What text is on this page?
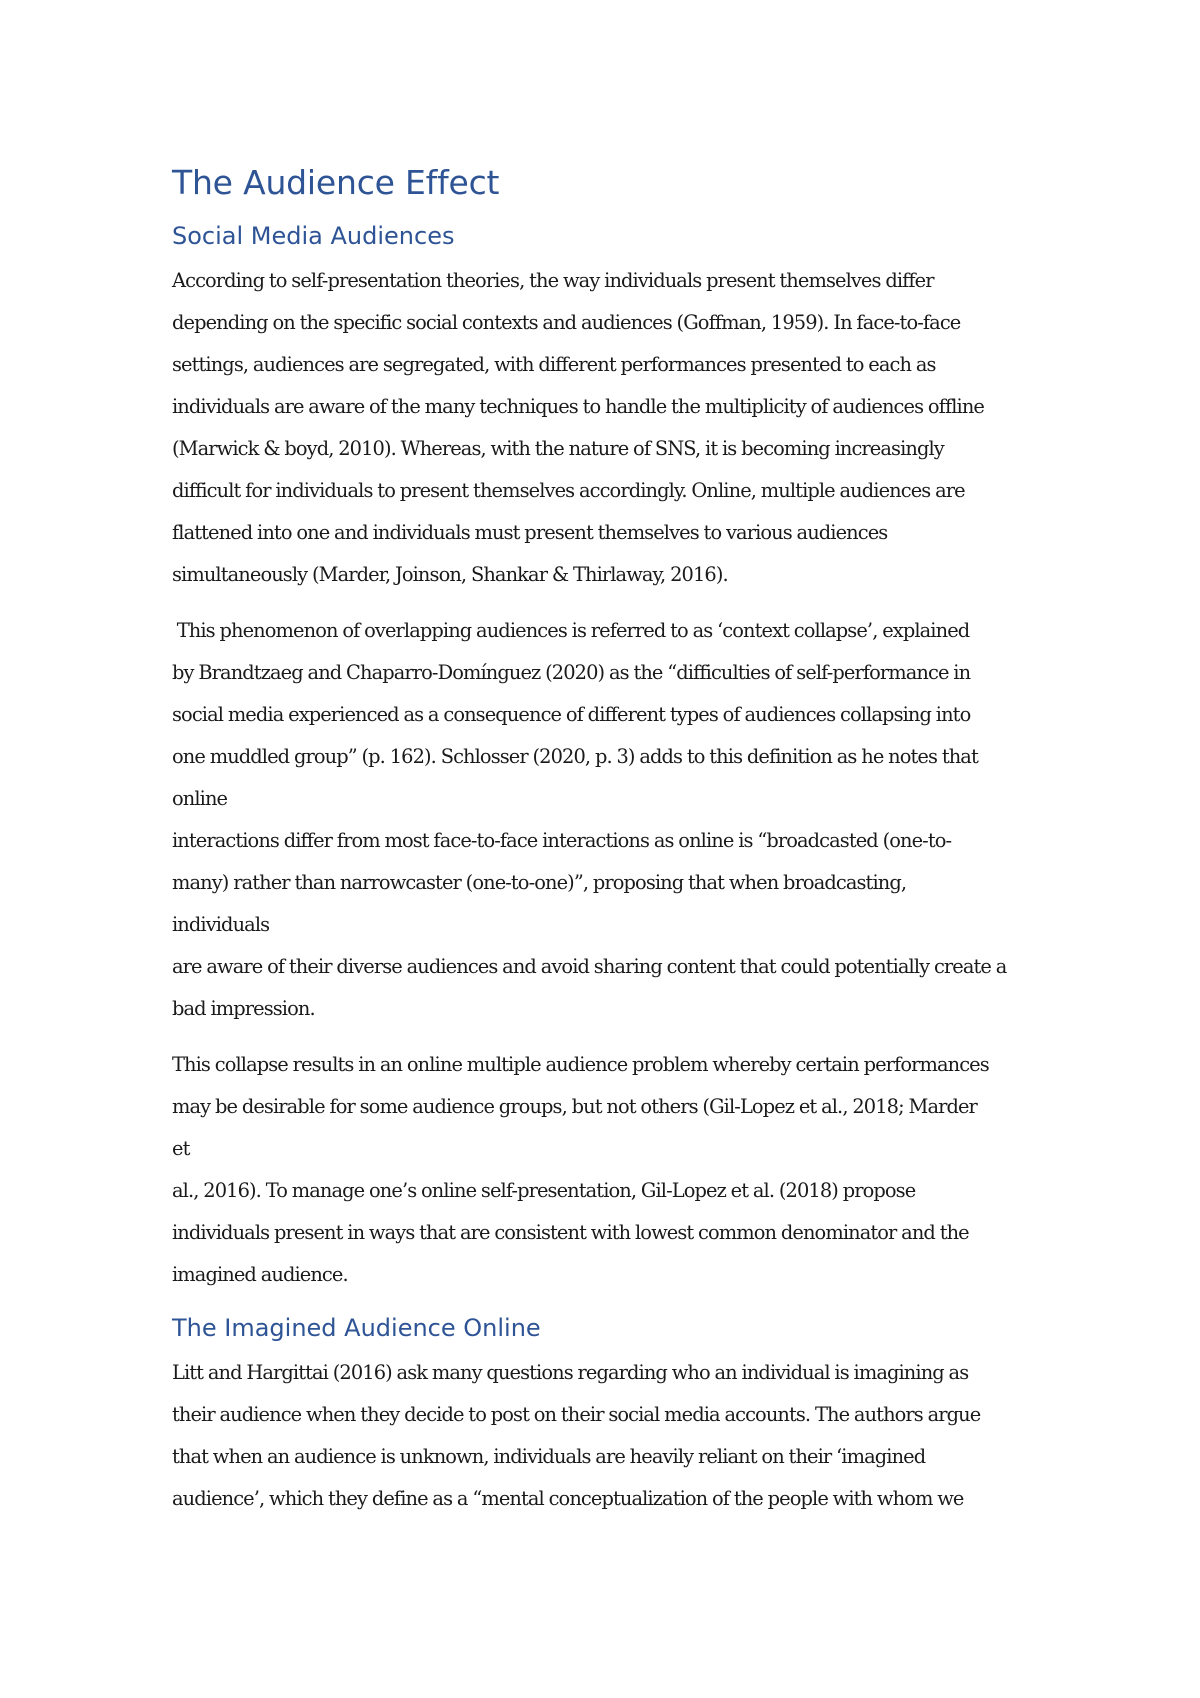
The Audience Effect
Social Media Audiences
According to self-presentation theories, the way individuals present themselves differ
depending on the specific social contexts and audiences (Goffman, 1959). In face-to-face
settings, audiences are segregated, with different performances presented to each as
individuals are aware of the many techniques to handle the multiplicity of audiences offline
(Marwick & boyd, 2010). Whereas, with the nature of SNS, it is becoming increasingly
difficult for individuals to present themselves accordingly. Online, multiple audiences are
flattened into one and individuals must present themselves to various audiences
simultaneously (Marder, Joinson, Shankar & Thirlaway, 2016).
This phenomenon of overlapping audiences is referred to as ‘context collapse’, explained
by Brandtzaeg and Chaparro-Domínguez (2020) as the “difficulties of self-performance in
social media experienced as a consequence of different types of audiences collapsing into
one muddled group” (p. 162). Schlosser (2020, p. 3) adds to this definition as he notes that
online
interactions differ from most face-to-face interactions as online is “broadcasted (one-to-
many) rather than narrowcaster (one-to-one)”, proposing that when broadcasting,
individuals
are aware of their diverse audiences and avoid sharing content that could potentially create a
bad impression.
This collapse results in an online multiple audience problem whereby certain performances
may be desirable for some audience groups, but not others (Gil-Lopez et al., 2018; Marder
et
al., 2016). To manage one’s online self-presentation, Gil-Lopez et al. (2018) propose
individuals present in ways that are consistent with lowest common denominator and the
imagined audience.
The Imagined Audience Online
Litt and Hargittai (2016) ask many questions regarding who an individual is imagining as
their audience when they decide to post on their social media accounts. The authors argue
that when an audience is unknown, individuals are heavily reliant on their ‘imagined
audience’, which they define as a “mental conceptualization of the people with whom we
